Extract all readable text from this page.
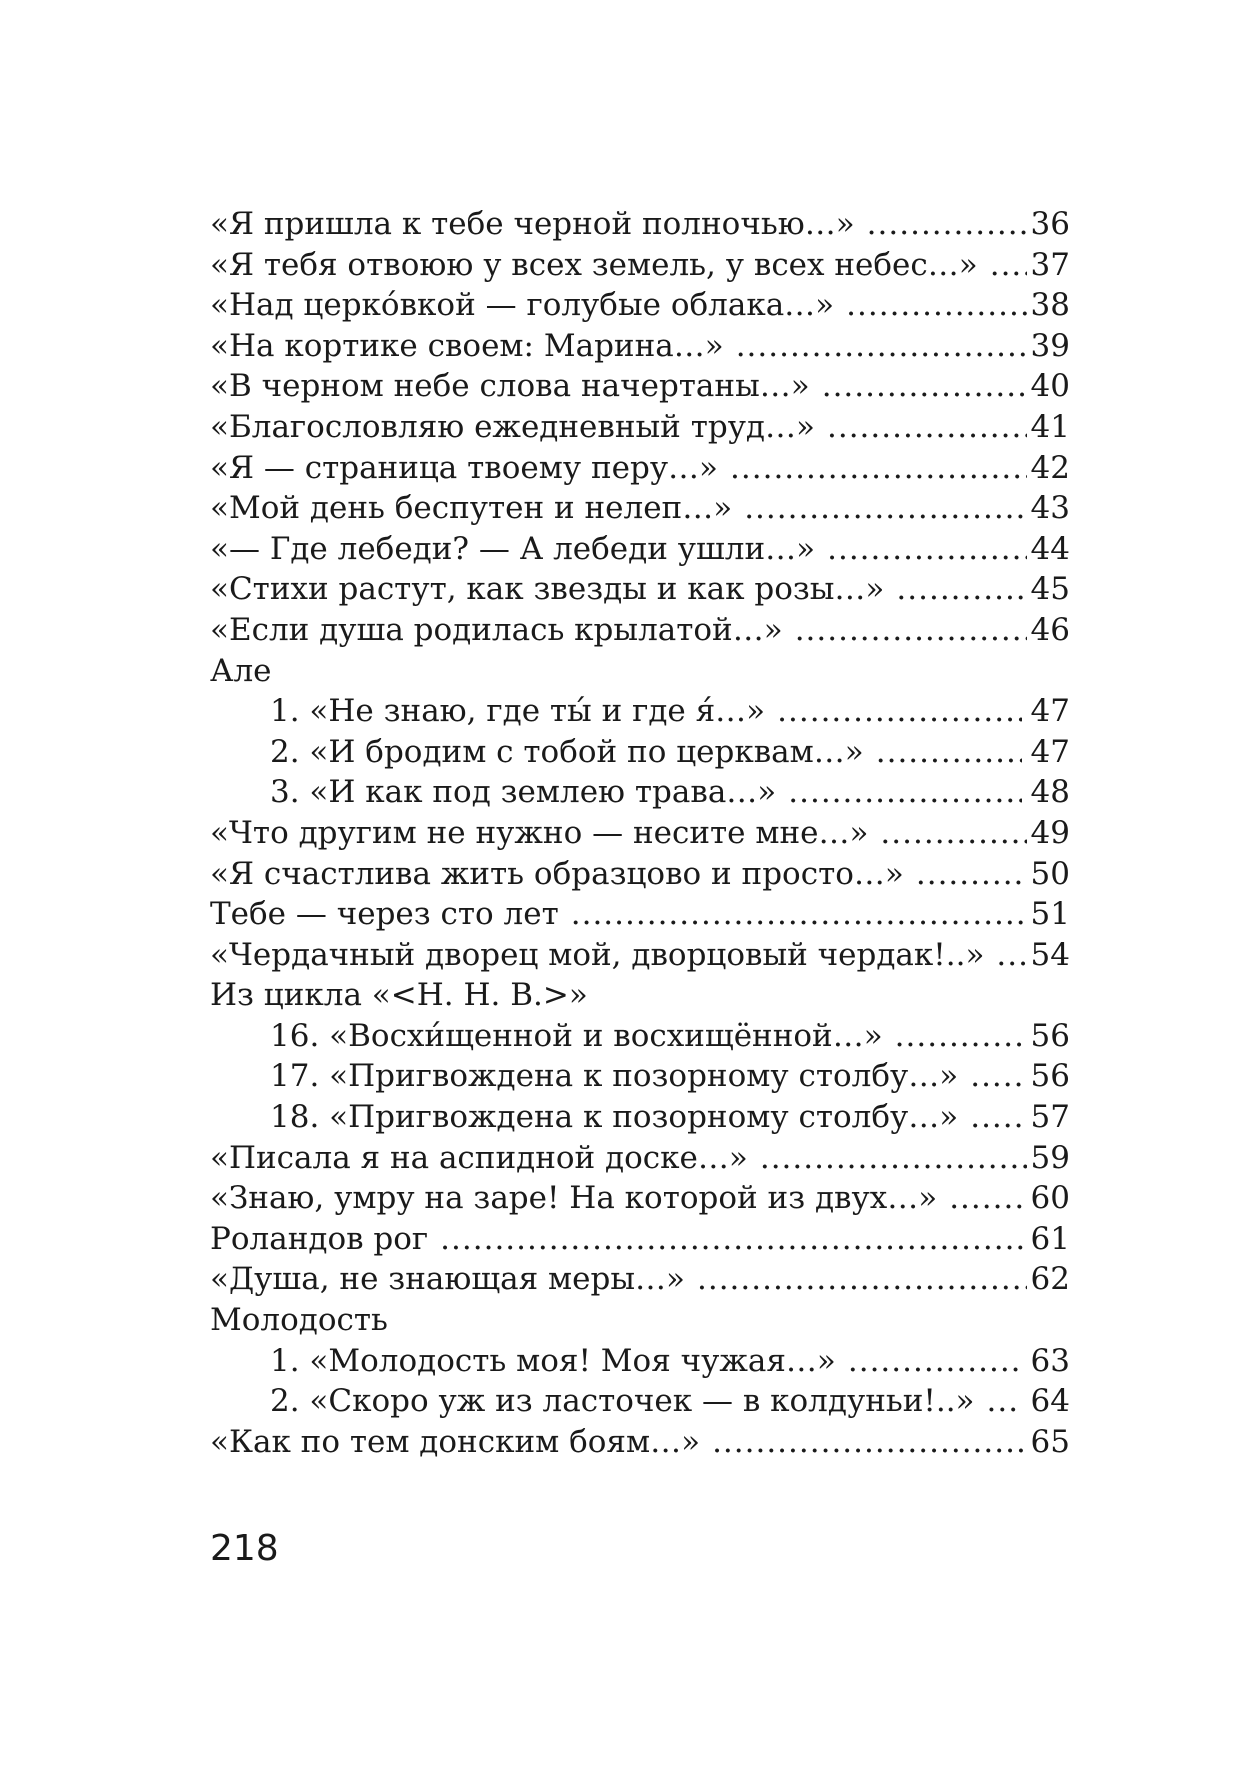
«Я пришла к тебе черной полночью…» .....	36
«Я тебя отвоюю у всех земель, у всех небес…» ..... 37
«Над церко́вкой — голубые облака…» .....	38
«На кортике своем: Марина…» .....	39
«В черном небе слова начертаны…» .....	40
«Благословляю ежедневный труд…» .....	41
«Я — страница твоему перу…» .....	42
«Мой день беспутен и нелеп…» .....	43
«— Где лебеди? — А лебеди ушли…» .....	44
«Стихи растут, как звезды и как розы…» .....	45
«Если душа родилась крылатой…» .....	46
Але
1. «Не знаю, где ты́ и где я́…» .....	47
2. «И бродим с тобой по церквам…» .....	47
3. «И как под землею трава…» .....	48
«Что другим не нужно — несите мне…» .....	49
«Я счастлива жить образцово и просто…» .....	50
Тебе — через сто лет .....	51
«Чердачный дворец мой, дворцовый чердак!..» ..... 54
Из цикла «<Н. Н. В.>»
16. «Восхи́щенной и восхищённой…» .....	56
17. «Пригвождена к позорному столбу…» ..... 56
18. «Пригвождена к позорному столбу…» ..... 57
«Писала я на аспидной доске…» .....	59
«Знаю, умру на заре! На которой из двух…» .....	60
Роландов рог .....	61
«Душа, не знающая меры…» .....	62
Молодость
1. «Молодость моя! Моя чужая…» .....	63
2. «Скоро уж из ласточек — в колдуньи!..» ..... 64
«Как по тем донским боям…» .....	65
218
